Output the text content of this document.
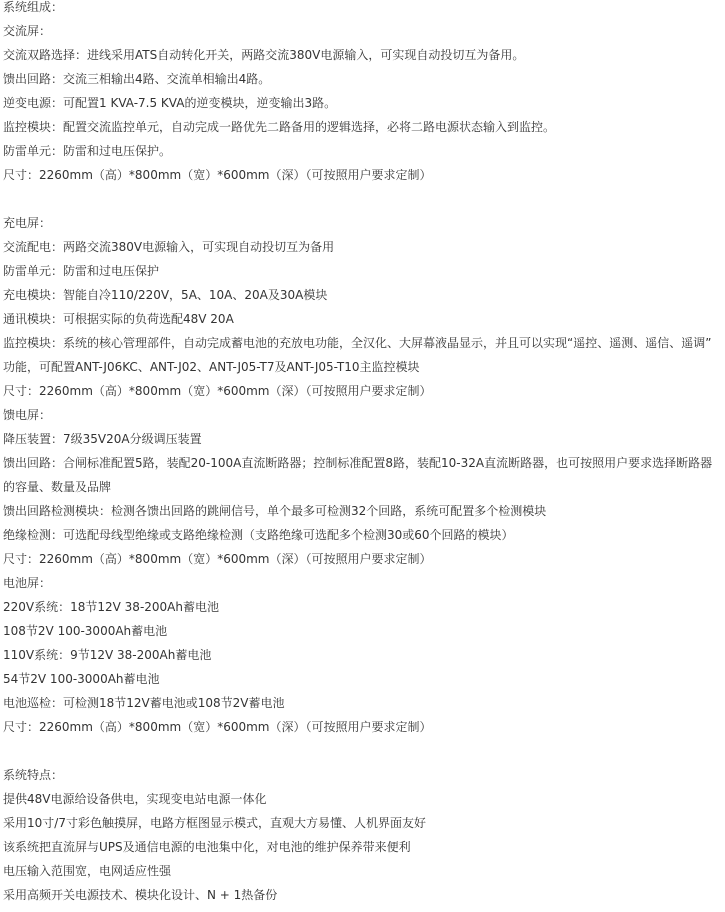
系统组成：
交流屏：
交流双路选择：进线采用ATS自动转化开关，两路交流380V电源输入，可实现自动投切互为备用。
馈出回路：交流三相输出4路、交流单相输出4路。
逆变电源：可配置1 KVA-7.5 KVA的逆变模块，逆变输出3路。
监控模块：配置交流监控单元，自动完成一路优先二路备用的逻辑选择，必将二路电源状态输入到监控。
防雷单元：防雷和过电压保护。
尺寸：2260mm（高）*800mm（宽）*600mm（深）（可按照用户要求定制）
充电屏：
交流配电：两路交流380V电源输入，可实现自动投切互为备用
防雷单元：防雷和过电压保护
充电模块：智能自冷110/220V，5A、10A、20A及30A模块
通讯模块：可根据实际的负荷选配48V 20A
监控模块：系统的核心管理部件，自动完成蓄电池的充放电功能，全汉化、大屏幕液晶显示，并且可以实现“遥控、遥测、遥信、遥调” 功能，可配置ANT-J06KC、ANT-J02、ANT-J05-T7及ANT-J05-T10主监控模块
尺寸：2260mm（高）*800mm（宽）*600mm（深）（可按照用户要求定制）
馈电屏：
降压装置：7级35V20A分级调压装置
馈出回路：合闸标准配置5路，装配20-100A直流断路器；控制标准配置8路，装配10-32A直流断路器，也可按照用户要求选择断路器的容量、数量及品牌
馈出回路检测模块：检测各馈出回路的跳闸信号，单个最多可检测32个回路，系统可配置多个检测模块
绝缘检测：可选配母线型绝缘或支路绝缘检测（支路绝缘可选配多个检测30或60个回路的模块）
尺寸：2260mm（高）*800mm（宽）*600mm（深）（可按照用户要求定制）
电池屏：
220V系统：18节12V 38-200Ah蓄电池
108节2V 100-3000Ah蓄电池
110V系统：9节12V 38-200Ah蓄电池
54节2V 100-3000Ah蓄电池
电池巡检：可检测18节12V蓄电池或108节2V蓄电池
尺寸：2260mm（高）*800mm（宽）*600mm（深）（可按照用户要求定制）
系统特点：
提供48V电源给设备供电，实现变电站电源一体化
采用10寸/7寸彩色触摸屏，电路方框图显示模式，直观大方易懂、人机界面友好
该系统把直流屏与UPS及通信电源的电池集中化，对电池的维护保养带来便利
电压输入范围宽，电网适应性强
采用高频开关电源技术、模块化设计、N + 1热备份
